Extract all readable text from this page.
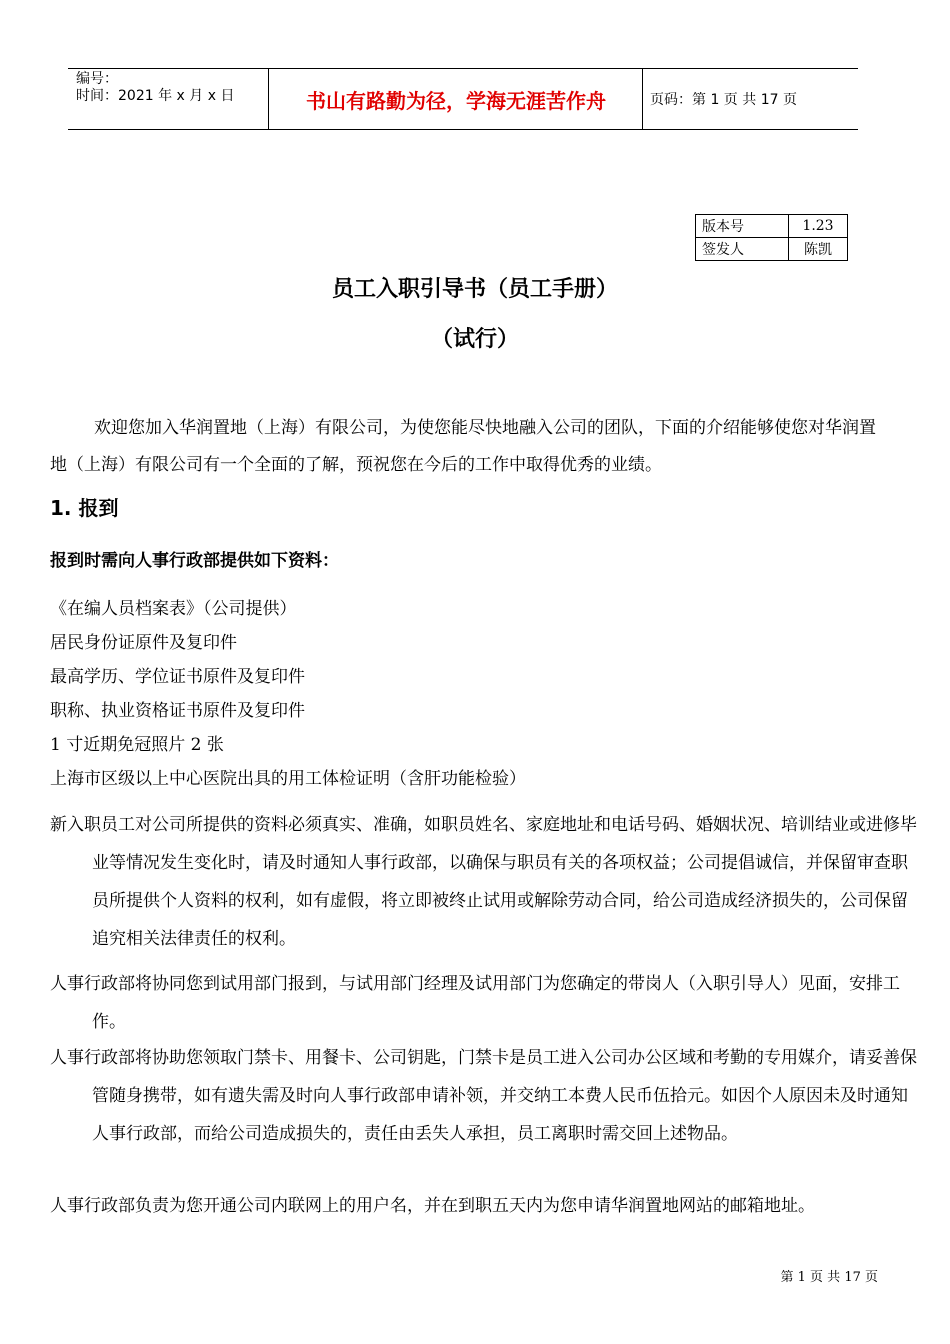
编号：
时间：2021 年 x 月 x 日	书山有路勤为径，学海无涯苦作舟	页码：第 1 页 共 17 页
版本号	1.23
签发人	陈凯
员工入职引导书（员工手册）
（试行）
欢迎您加入华润置地（上海）有限公司，为使您能尽快地融入公司的团队，下面的介绍能够使您对华润置地（上海）有限公司有一个全面的了解，预祝您在今后的工作中取得优秀的业绩。
1. 报到
报到时需向人事行政部提供如下资料：
《在编人员档案表》（公司提供）
居民身份证原件及复印件
最高学历、学位证书原件及复印件
职称、执业资格证书原件及复印件
1 寸近期免冠照片 2 张
上海市区级以上中心医院出具的用工体检证明（含肝功能检验）
新入职员工对公司所提供的资料必须真实、准确，如职员姓名、家庭地址和电话号码、婚姻状况、培训结业或进修毕业等情况发生变化时，请及时通知人事行政部，以确保与职员有关的各项权益；公司提倡诚信，并保留审查职员所提供个人资料的权利，如有虚假，将立即被终止试用或解除劳动合同，给公司造成经济损失的，公司保留追究相关法律责任的权利。
人事行政部将协同您到试用部门报到，与试用部门经理及试用部门为您确定的带岗人（入职引导人）见面，安排工作。
人事行政部将协助您领取门禁卡、用餐卡、公司钥匙，门禁卡是员工进入公司办公区域和考勤的专用媒介，请妥善保管随身携带，如有遗失需及时向人事行政部申请补领，并交纳工本费人民币伍拾元。如因个人原因未及时通知人事行政部，而给公司造成损失的，责任由丢失人承担，员工离职时需交回上述物品。
人事行政部负责为您开通公司内联网上的用户名，并在到职五天内为您申请华润置地网站的邮箱地址。
第 1 页 共 17 页
